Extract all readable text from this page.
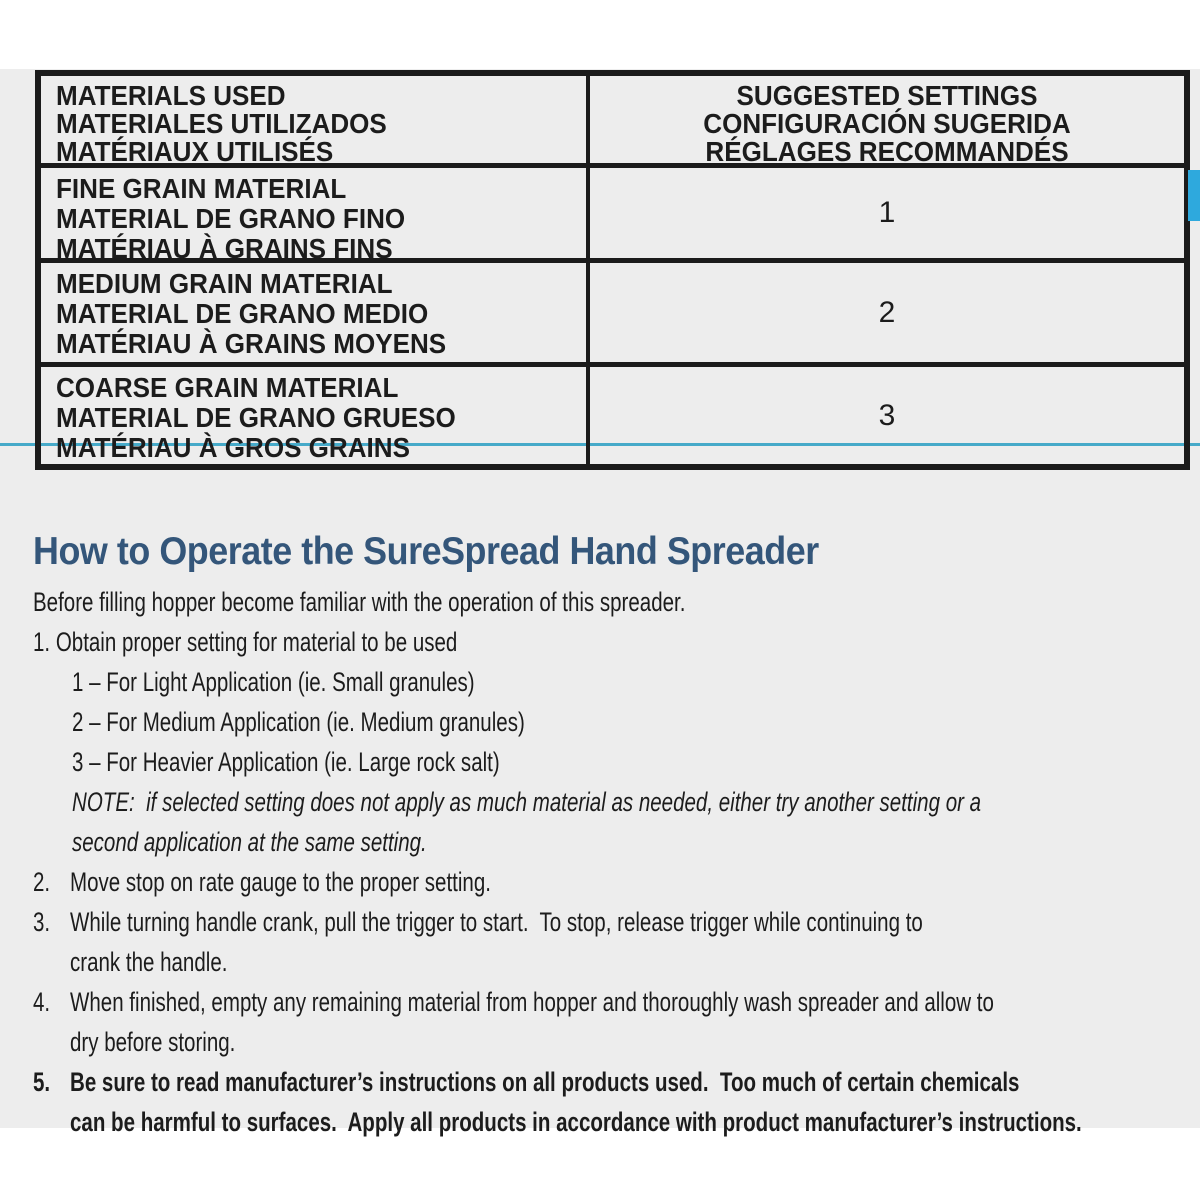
MATERIALS USED
MATERIALES UTILIZADOS
MATÉRIAUX UTILISÉS
SUGGESTED SETTINGS
CONFIGURACIÓN SUGERIDA
RÉGLAGES RECOMMANDÉS
FINE GRAIN MATERIAL
MATERIAL DE GRANO FINO
MATÉRIAU À GRAINS FINS
1
MEDIUM GRAIN MATERIAL
MATERIAL DE GRANO MEDIO
MATÉRIAU À GRAINS MOYENS
2
COARSE GRAIN MATERIAL
MATERIAL DE GRANO GRUESO
MATÉRIAU À GROS GRAINS
3
How to Operate the SureSpread Hand Spreader
Before filling hopper become familiar with the operation of this spreader.
1. Obtain proper setting for material to be used
1 – For Light Application (ie. Small granules)
2 – For Medium Application (ie. Medium granules)
3 – For Heavier Application (ie. Large rock salt)
NOTE:  if selected setting does not apply as much material as needed, either try another setting or a
second application at the same setting.
2. Move stop on rate gauge to the proper setting.
3. While turning handle crank, pull the trigger to start.  To stop, release trigger while continuing to
crank the handle.
4. When finished, empty any remaining material from hopper and thoroughly wash spreader and allow to
dry before storing.
5. Be sure to read manufacturer’s instructions on all products used.  Too much of certain chemicals
can be harmful to surfaces.  Apply all products in accordance with product manufacturer’s instructions.
